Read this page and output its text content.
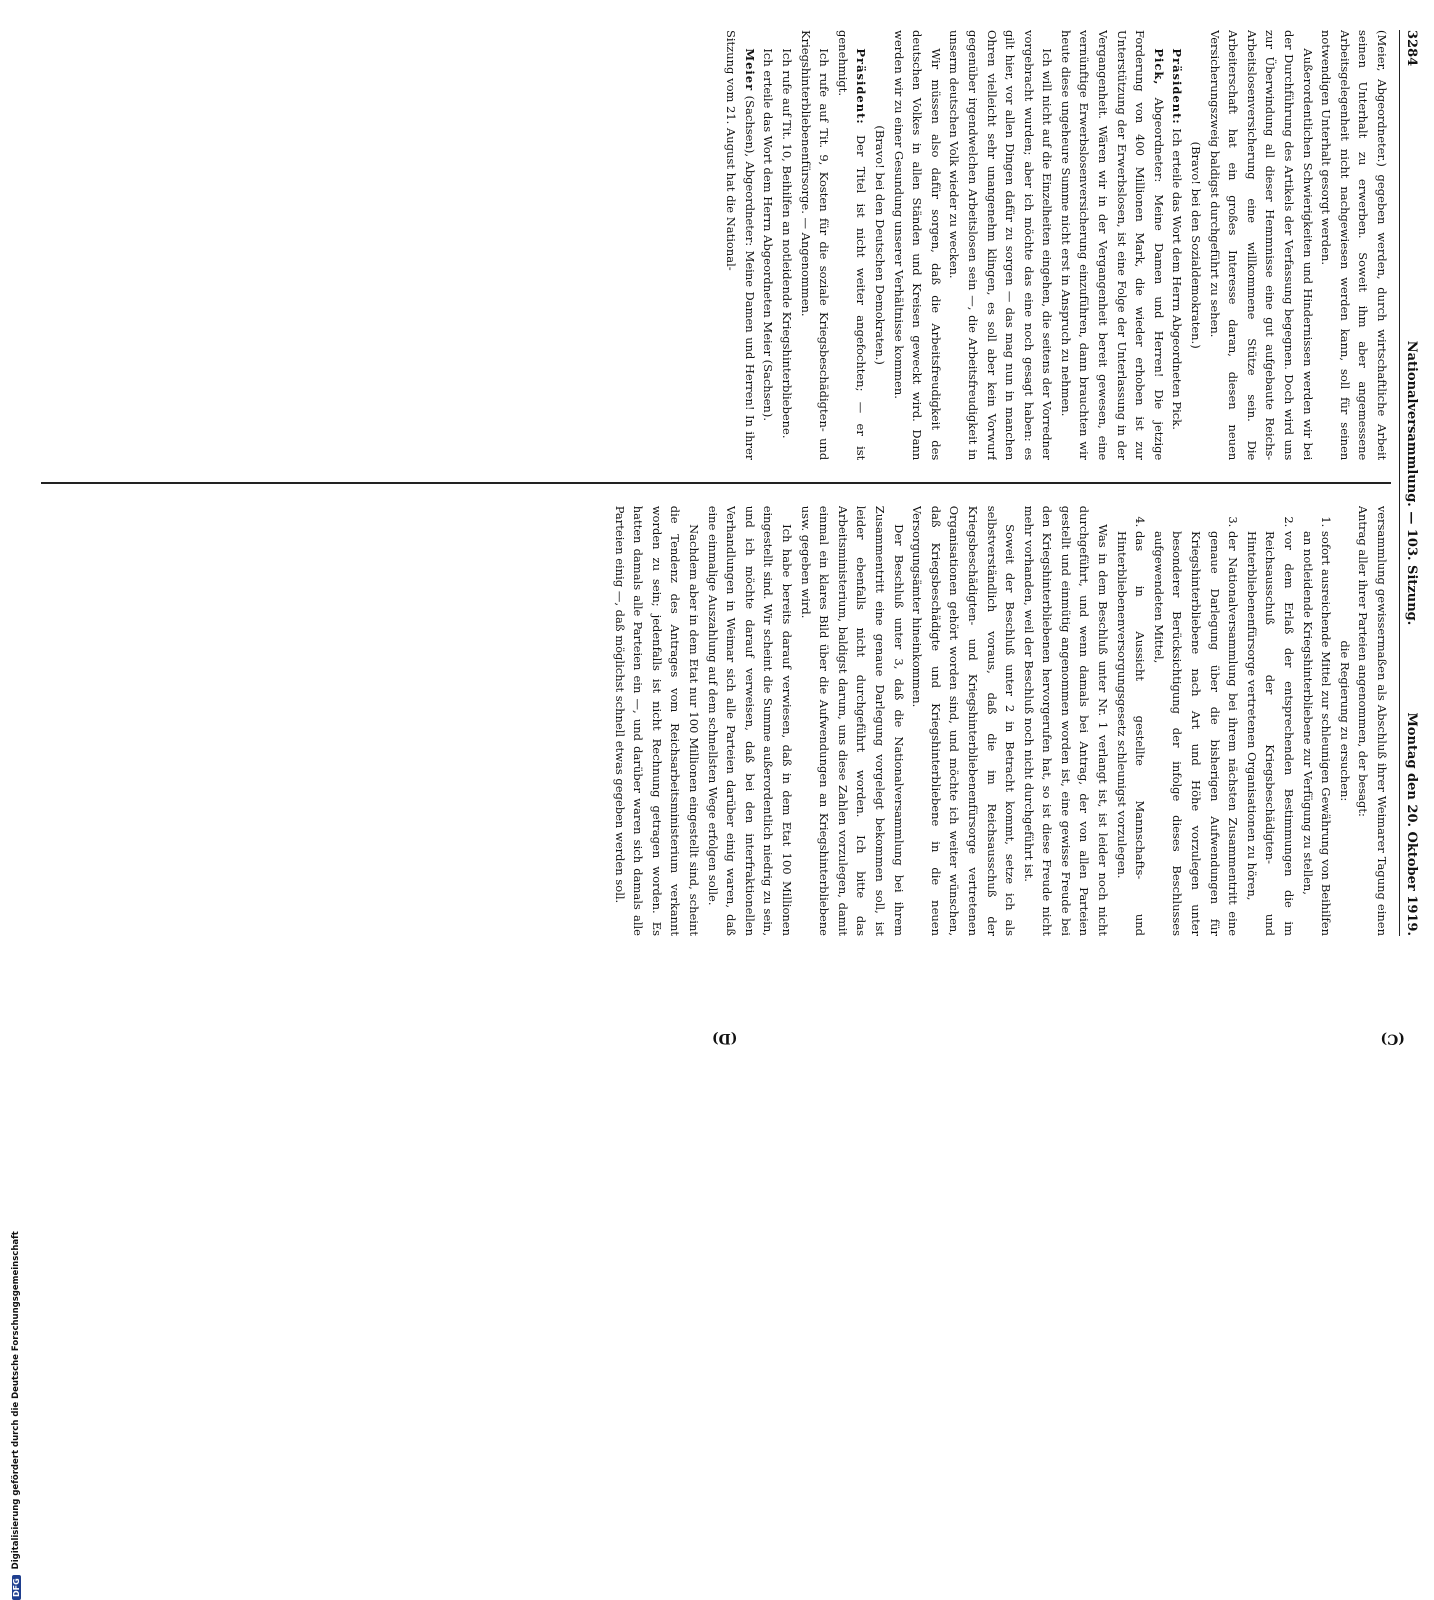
3284
Nationalversammlung. — 103. Sitzung.
Montag den 20. Oktober 1919.
(C)
(D)

(Meier, Abgeordneter.) gegeben werden, durch wirtschaftliche Arbeit seinen Unterhalt zu erwerben. Soweit ihm aber angemessene Arbeitsgelegenheit nicht nachgewiesen werden kann, soll für seinen notwendigen Unterhalt gesorgt werden.

Außerordentlichen Schwierigkeiten und Hindernissen werden wir bei der Durchführung des Artikels der Verfassung begegnen. Doch wird uns zur Überwindung all dieser Hemmnisse eine gut aufgebaute Reichs-Arbeitslosenversicherung eine willkommene Stütze sein. Die Arbeiterschaft hat ein großes Interesse daran, diesen neuen Versicherungszweig baldigst durchgeführt zu sehen.

(Bravo! bei den Sozialdemokraten.)

Präsident: Ich erteile das Wort dem Herrn Abgeordneten Pick.

Pick, Abgeordneter: Meine Damen und Herren! Die jetzige Forderung von 400 Millionen Mark, die wieder erhoben ist zur Unterstützung der Erwerbslosen, ist eine Folge der Unterlassung in der Vergangenheit. Wären wir in der Vergangenheit bereit gewesen, eine vernünftige Erwerbslosenversicherung einzuführen, dann brauchten wir heute diese ungeheure Summe nicht erst in Anspruch zu nehmen.

Ich will nicht auf die Einzelheiten eingehen, die seitens der Vorredner vorgebracht wurden; aber ich möchte das eine noch gesagt haben: es gilt hier, vor allen Dingen dafür zu sorgen — das mag nun in manchen Ohren vielleicht sehr unangenehm klingen, es soll aber kein Vorwurf gegenüber irgendwelchen Arbeitslosen sein —, die Arbeitsfreudigkeit in unserm deutschen Volk wieder zu wecken.

Wir müssen also dafür sorgen, daß die Arbeitsfreudigkeit des deutschen Volkes in allen Ständen und Kreisen geweckt wird. Dann werden wir zu einer Gesundung unserer Verhältnisse kommen.

(Bravo! bei den Deutschen Demokraten.)

Präsident: Der Titel ist nicht weiter angefochten; — er ist genehmigt.

Ich rufe auf Tit. 9, Kosten für die soziale Kriegsbeschädigten- und Kriegshinterbliebenenfürsorge. — Angenommen.

Ich rufe auf Tit. 10, Beihilfen an notleidende Kriegshinterbliebene.

Ich erteile das Wort dem Herrn Abgeordneten Meier (Sachsen).

Meier (Sachsen), Abgeordneter: Meine Damen und Herren! In ihrer Sitzung vom 21. August hat die National-

versammlung gewissermaßen als Abschluß ihrer Weimarer Tagung einen Antrag aller ihrer Parteien angenommen, der besagt:

die Regierung zu ersuchen:

1. sofort ausreichende Mittel zur schleunigen Gewährung von Beihilfen an notleidende Kriegshinterbliebene zur Verfügung zu stellen,
2. vor dem Erlaß der entsprechenden Bestimmungen die im Reichsausschuß der Kriegsbeschädigten- und Hinterbliebenenfürsorge vertretenen Organisationen zu hören,
3. der Nationalversammlung bei ihrem nächsten Zusammentritt eine genaue Darlegung über die bisherigen Aufwendungen für Kriegshinterbliebene nach Art und Höhe vorzulegen unter besonderer Berücksichtigung der infolge dieses Beschlusses aufgewendeten Mittel,
4. das in Aussicht gestellte Mannschafts- und Hinterbliebenenversorgungsgesetz schleunigst vorzulegen.

Was in dem Beschluß unter Nr. 1 verlangt ist, ist leider noch nicht durchgeführt, und wenn damals bei Antrag, der von allen Parteien gestellt und einmütig angenommen worden ist, eine gewisse Freude bei den Kriegshinterbliebenen hervorgerufen hat, so ist diese Freude nicht mehr vorhanden, weil der Beschluß noch nicht durchgeführt ist.

Soweit der Beschluß unter 2 in Betracht kommt, setze ich als selbstverständlich voraus, daß die im Reichsausschuß der Kriegsbeschädigten- und Kriegshinterbliebenenfürsorge vertretenen Organisationen gehört worden sind, und möchte ich weiter wünschen, daß Kriegsbeschädigte und Kriegshinterbliebene in die neuen Versorgungsämter hineinkommen.

Der Beschluß unter 3, daß die Nationalversammlung bei ihrem Zusammentritt eine genaue Darlegung vorgelegt bekommen soll, ist leider ebenfalls nicht durchgeführt worden. Ich bitte das Arbeitsministerium, baldigst darum, uns diese Zahlen vorzulegen, damit einmal ein klares Bild über die Aufwendungen an Kriegshinterbliebene usw. gegeben wird.

Ich habe bereits darauf verwiesen, daß in dem Etat 100 Millionen eingestellt sind. Wir scheint die Summe außerordentlich niedrig zu sein, und ich möchte darauf verweisen, daß bei den interfraktionellen Verhandlungen in Weimar sich alle Parteien darüber einig waren, daß eine einmalige Auszahlung auf dem schnellsten Wege erfolgen solle.

Nachdem aber in dem Etat nur 100 Millionen eingestellt sind, scheint die Tendenz des Antrages vom Reichsarbeitsministerium verkannt worden zu sein; jedenfalls ist nicht Rechnung getragen worden. Es hatten damals alle Parteien ein —, und darüber waren sich damals alle Parteien einig —, daß möglichst schnell etwas gegeben werden soll.

DFG
Digitalisierung gefördert durch die Deutsche Forschungsgemeinschaft
